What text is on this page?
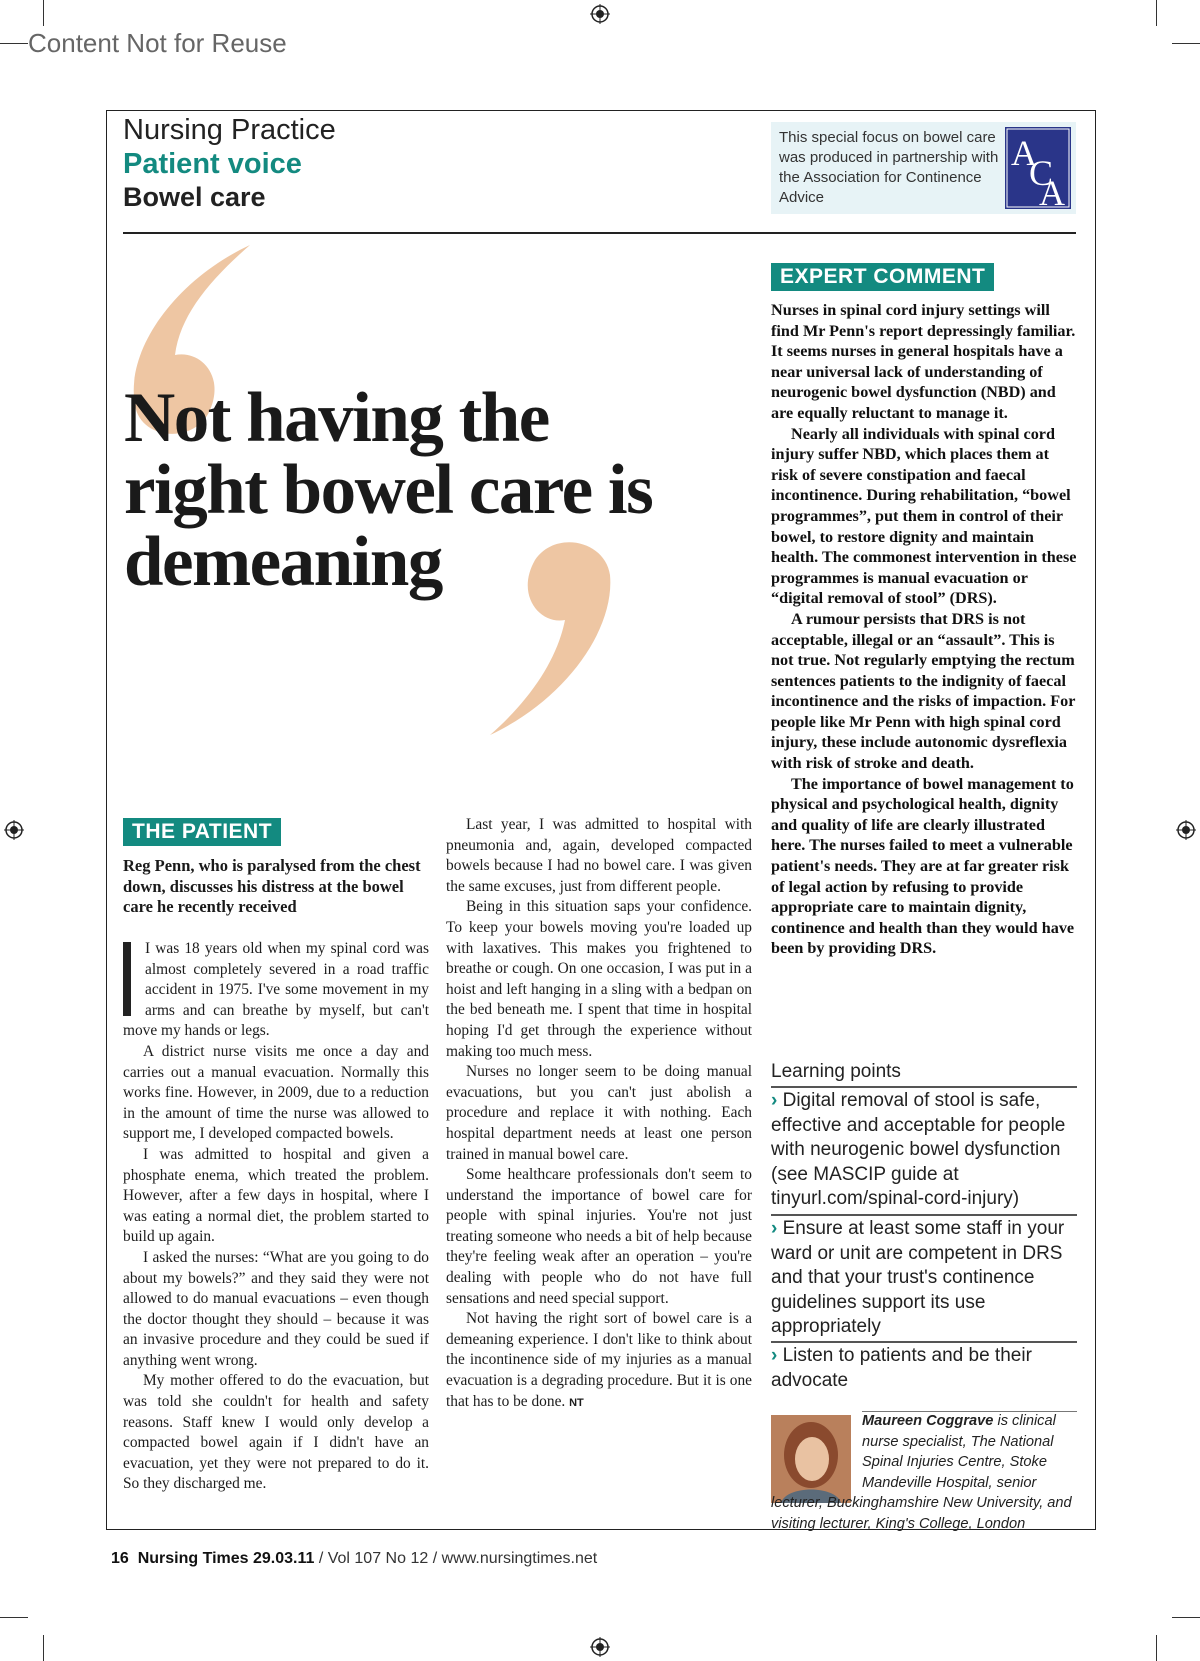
Content Not for Reuse
Nursing Practice
Patient voice
Bowel care
This special focus on bowel care was produced in partnership with the Association for Continence Advice
A
C
A
Not having the right bowel care is demeaning
THE PATIENT
Reg Penn, who is paralysed from the chest down, discusses his distress at the bowel care he recently received

I was 18 years old when my spinal cord was almost completely severed in a road traffic accident in 1975. I've some movement in my arms and can breathe by myself, but can't move my hands or legs.

A district nurse visits me once a day and carries out a manual evacuation. Normally this works fine. However, in 2009, due to a reduction in the amount of time the nurse was allowed to support me, I developed compacted bowels.

I was admitted to hospital and given a phosphate enema, which treated the problem. However, after a few days in hospital, where I was eating a normal diet, the problem started to build up again.

I asked the nurses: “What are you going to do about my bowels?” and they said they were not allowed to do manual evacuations – even though the doctor thought they should – because it was an invasive procedure and they could be sued if anything went wrong.

My mother offered to do the evacuation, but was told she couldn't for health and safety reasons. Staff knew I would only develop a compacted bowel again if I didn't have an evacuation, yet they were not prepared to do it. So they discharged me.

Last year, I was admitted to hospital with pneumonia and, again, developed compacted bowels because I had no bowel care. I was given the same excuses, just from different people.

Being in this situation saps your confidence. To keep your bowels moving you're loaded up with laxatives. This makes you frightened to breathe or cough. On one occasion, I was put in a hoist and left hanging in a sling with a bedpan on the bed beneath me. I spent that time in hospital hoping I'd get through the experience without making too much mess.

Nurses no longer seem to be doing manual evacuations, but you can't just abolish a procedure and replace it with nothing. Each hospital department needs at least one person trained in manual bowel care.

Some healthcare professionals don't seem to understand the importance of bowel care for people with spinal injuries. You're not just treating someone who needs a bit of help because they're feeling weak after an operation – you're dealing with people who do not have full sensations and need special support.

Not having the right sort of bowel care is a demeaning experience. I don't like to think about the incontinence side of my injuries as a manual evacuation is a degrading procedure. But it is one that has to be done. NT

EXPERT COMMENT

Nurses in spinal cord injury settings will find Mr Penn's report depressingly familiar. It seems nurses in general hospitals have a near universal lack of understanding of neurogenic bowel dysfunction (NBD) and are equally reluctant to manage it.

Nearly all individuals with spinal cord injury suffer NBD, which places them at risk of severe constipation and faecal incontinence. During rehabilitation, “bowel programmes”, put them in control of their bowel, to restore dignity and maintain health. The commonest intervention in these programmes is manual evacuation or “digital removal of stool” (DRS).

A rumour persists that DRS is not acceptable, illegal or an “assault”. This is not true. Not regularly emptying the rectum sentences patients to the indignity of faecal incontinence and the risks of impaction. For people like Mr Penn with high spinal cord injury, these include autonomic dysreflexia with risk of stroke and death.

The importance of bowel management to physical and psychological health, dignity and quality of life are clearly illustrated here. The nurses failed to meet a vulnerable patient's needs. They are at far greater risk of legal action by refusing to provide appropriate care to maintain dignity, continence and health than they would have been by providing DRS.

Learning points
› Digital removal of stool is safe, effective and acceptable for people with neurogenic bowel dysfunction (see MASCIP guide at tinyurl.com/spinal-cord-injury)
› Ensure at least some staff in your ward or unit are competent in DRS and that your trust's continence guidelines support its use appropriately
› Listen to patients and be their advocate
Maureen Coggrave is clinical nurse specialist, The National Spinal Injuries Centre, Stoke Mandeville Hospital, senior lecturer, Buckinghamshire New University, and visiting lecturer, King's College, London
16 Nursing Times 29.03.11 / Vol 107 No 12 / www.nursingtimes.net
